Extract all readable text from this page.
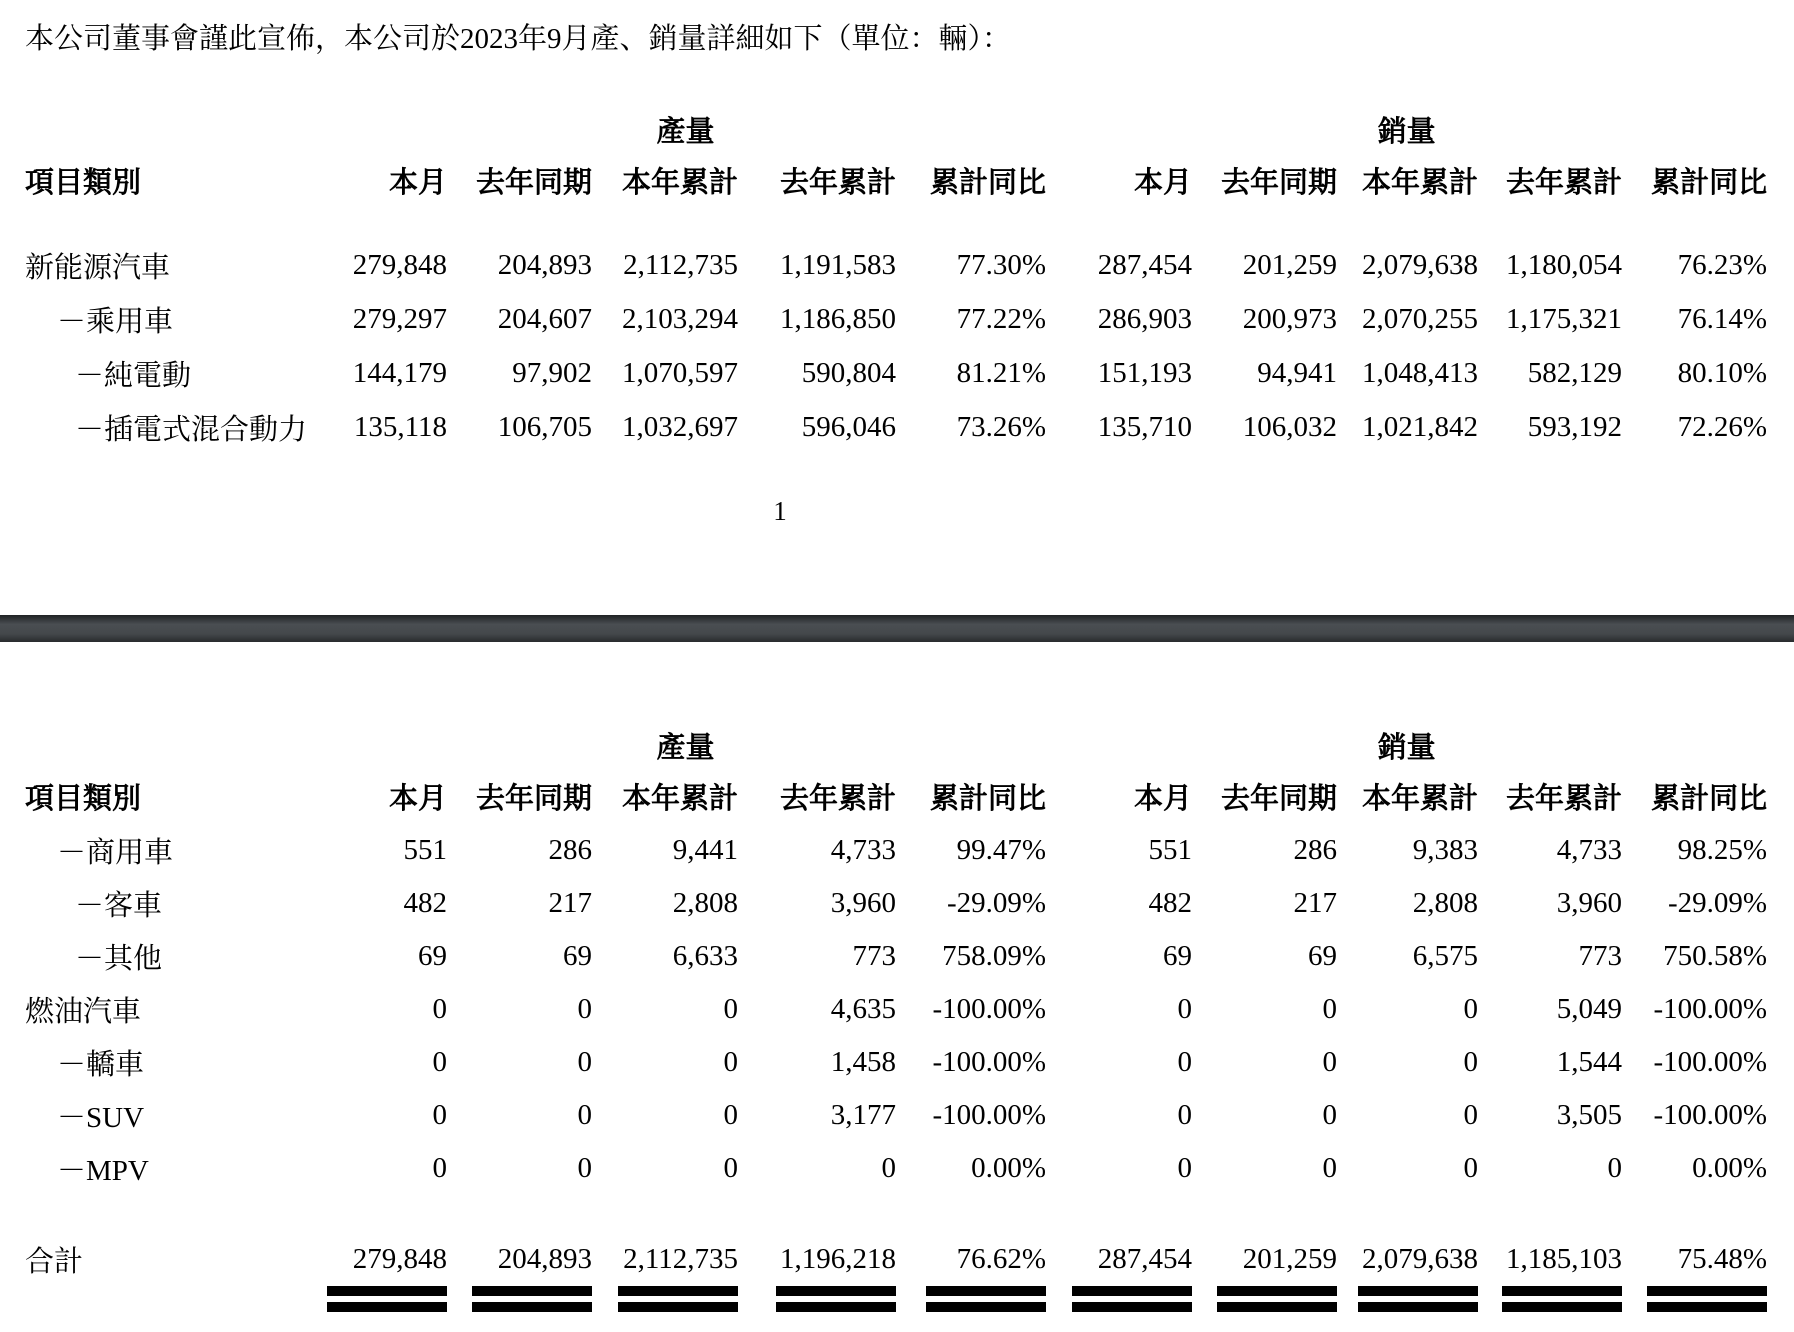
本公司董事會謹此宣佈，本公司於2023年9月產、銷量詳細如下（單位：輛）：
	產量					銷量				
項目類別	本月	去年同期	本年累計	去年累計	累計同比	本月	去年同期	本年累計	去年累計	累計同比

新能源汽車	279,848	204,893	2,112,735	1,191,583	77.30%	287,454	201,259	2,079,638	1,180,054	76.23%
－乘用車	279,297	204,607	2,103,294	1,186,850	77.22%	286,903	200,973	2,070,255	1,175,321	76.14%
－純電動	144,179	97,902	1,070,597	590,804	81.21%	151,193	94,941	1,048,413	582,129	80.10%
－插電式混合動力	135,118	106,705	1,032,697	596,046	73.26%	135,710	106,032	1,021,842	593,192	72.26%
1
	產量					銷量				
項目類別	本月	去年同期	本年累計	去年累計	累計同比	本月	去年同期	本年累計	去年累計	累計同比
－商用車	551	286	9,441	4,733	99.47%	551	286	9,383	4,733	98.25%
－客車	482	217	2,808	3,960	-29.09%	482	217	2,808	3,960	-29.09%
－其他	69	69	6,633	773	758.09%	69	69	6,575	773	750.58%
燃油汽車	0	0	0	4,635	-100.00%	0	0	0	5,049	-100.00%
－轎車	0	0	0	1,458	-100.00%	0	0	0	1,544	-100.00%
－SUV	0	0	0	3,177	-100.00%	0	0	0	3,505	-100.00%
－MPV	0	0	0	0	0.00%	0	0	0	0	0.00%

合計	279,848	204,893	2,112,735	1,196,218	76.62%	287,454	201,259	2,079,638	1,185,103	75.48%
